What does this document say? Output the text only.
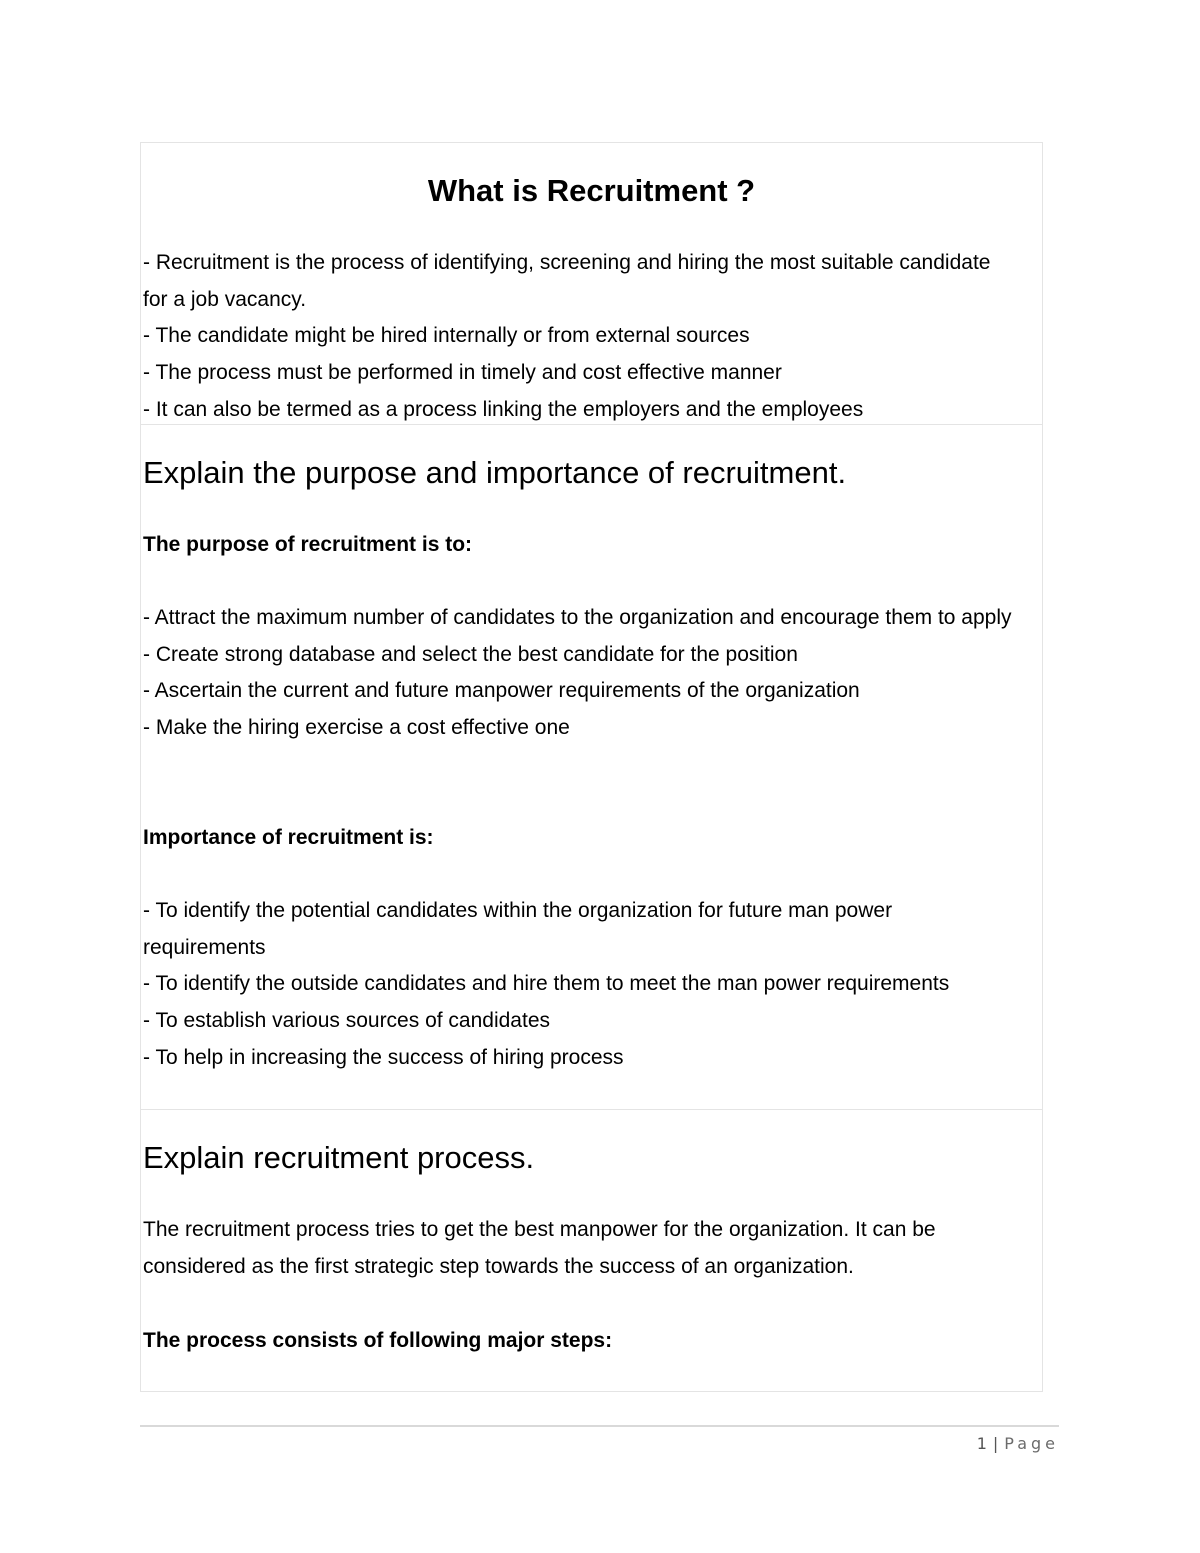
What is Recruitment ?

- Recruitment is the process of identifying, screening and hiring the most suitable candidate for a job vacancy.

- The candidate might be hired internally or from external sources

- The process must be performed in timely and cost effective manner

- It can also be termed as a process linking the employers and the employees

Explain the purpose and importance of recruitment.
The purpose of recruitment is to:

- Attract the maximum number of candidates to the organization and encourage them to apply

- Create strong database and select the best candidate for the position

- Ascertain the current and future manpower requirements of the organization

- Make the hiring exercise a cost effective one

Importance of recruitment is:

- To identify the potential candidates within the organization for future man power requirements

- To identify the outside candidates and hire them to meet the man power requirements

- To establish various sources of candidates

- To help in increasing the success of hiring process

Explain recruitment process.

The recruitment process tries to get the best manpower for the organization. It can be considered as the first strategic step towards the success of an organization.

The process consists of following major steps:
1 | Page
